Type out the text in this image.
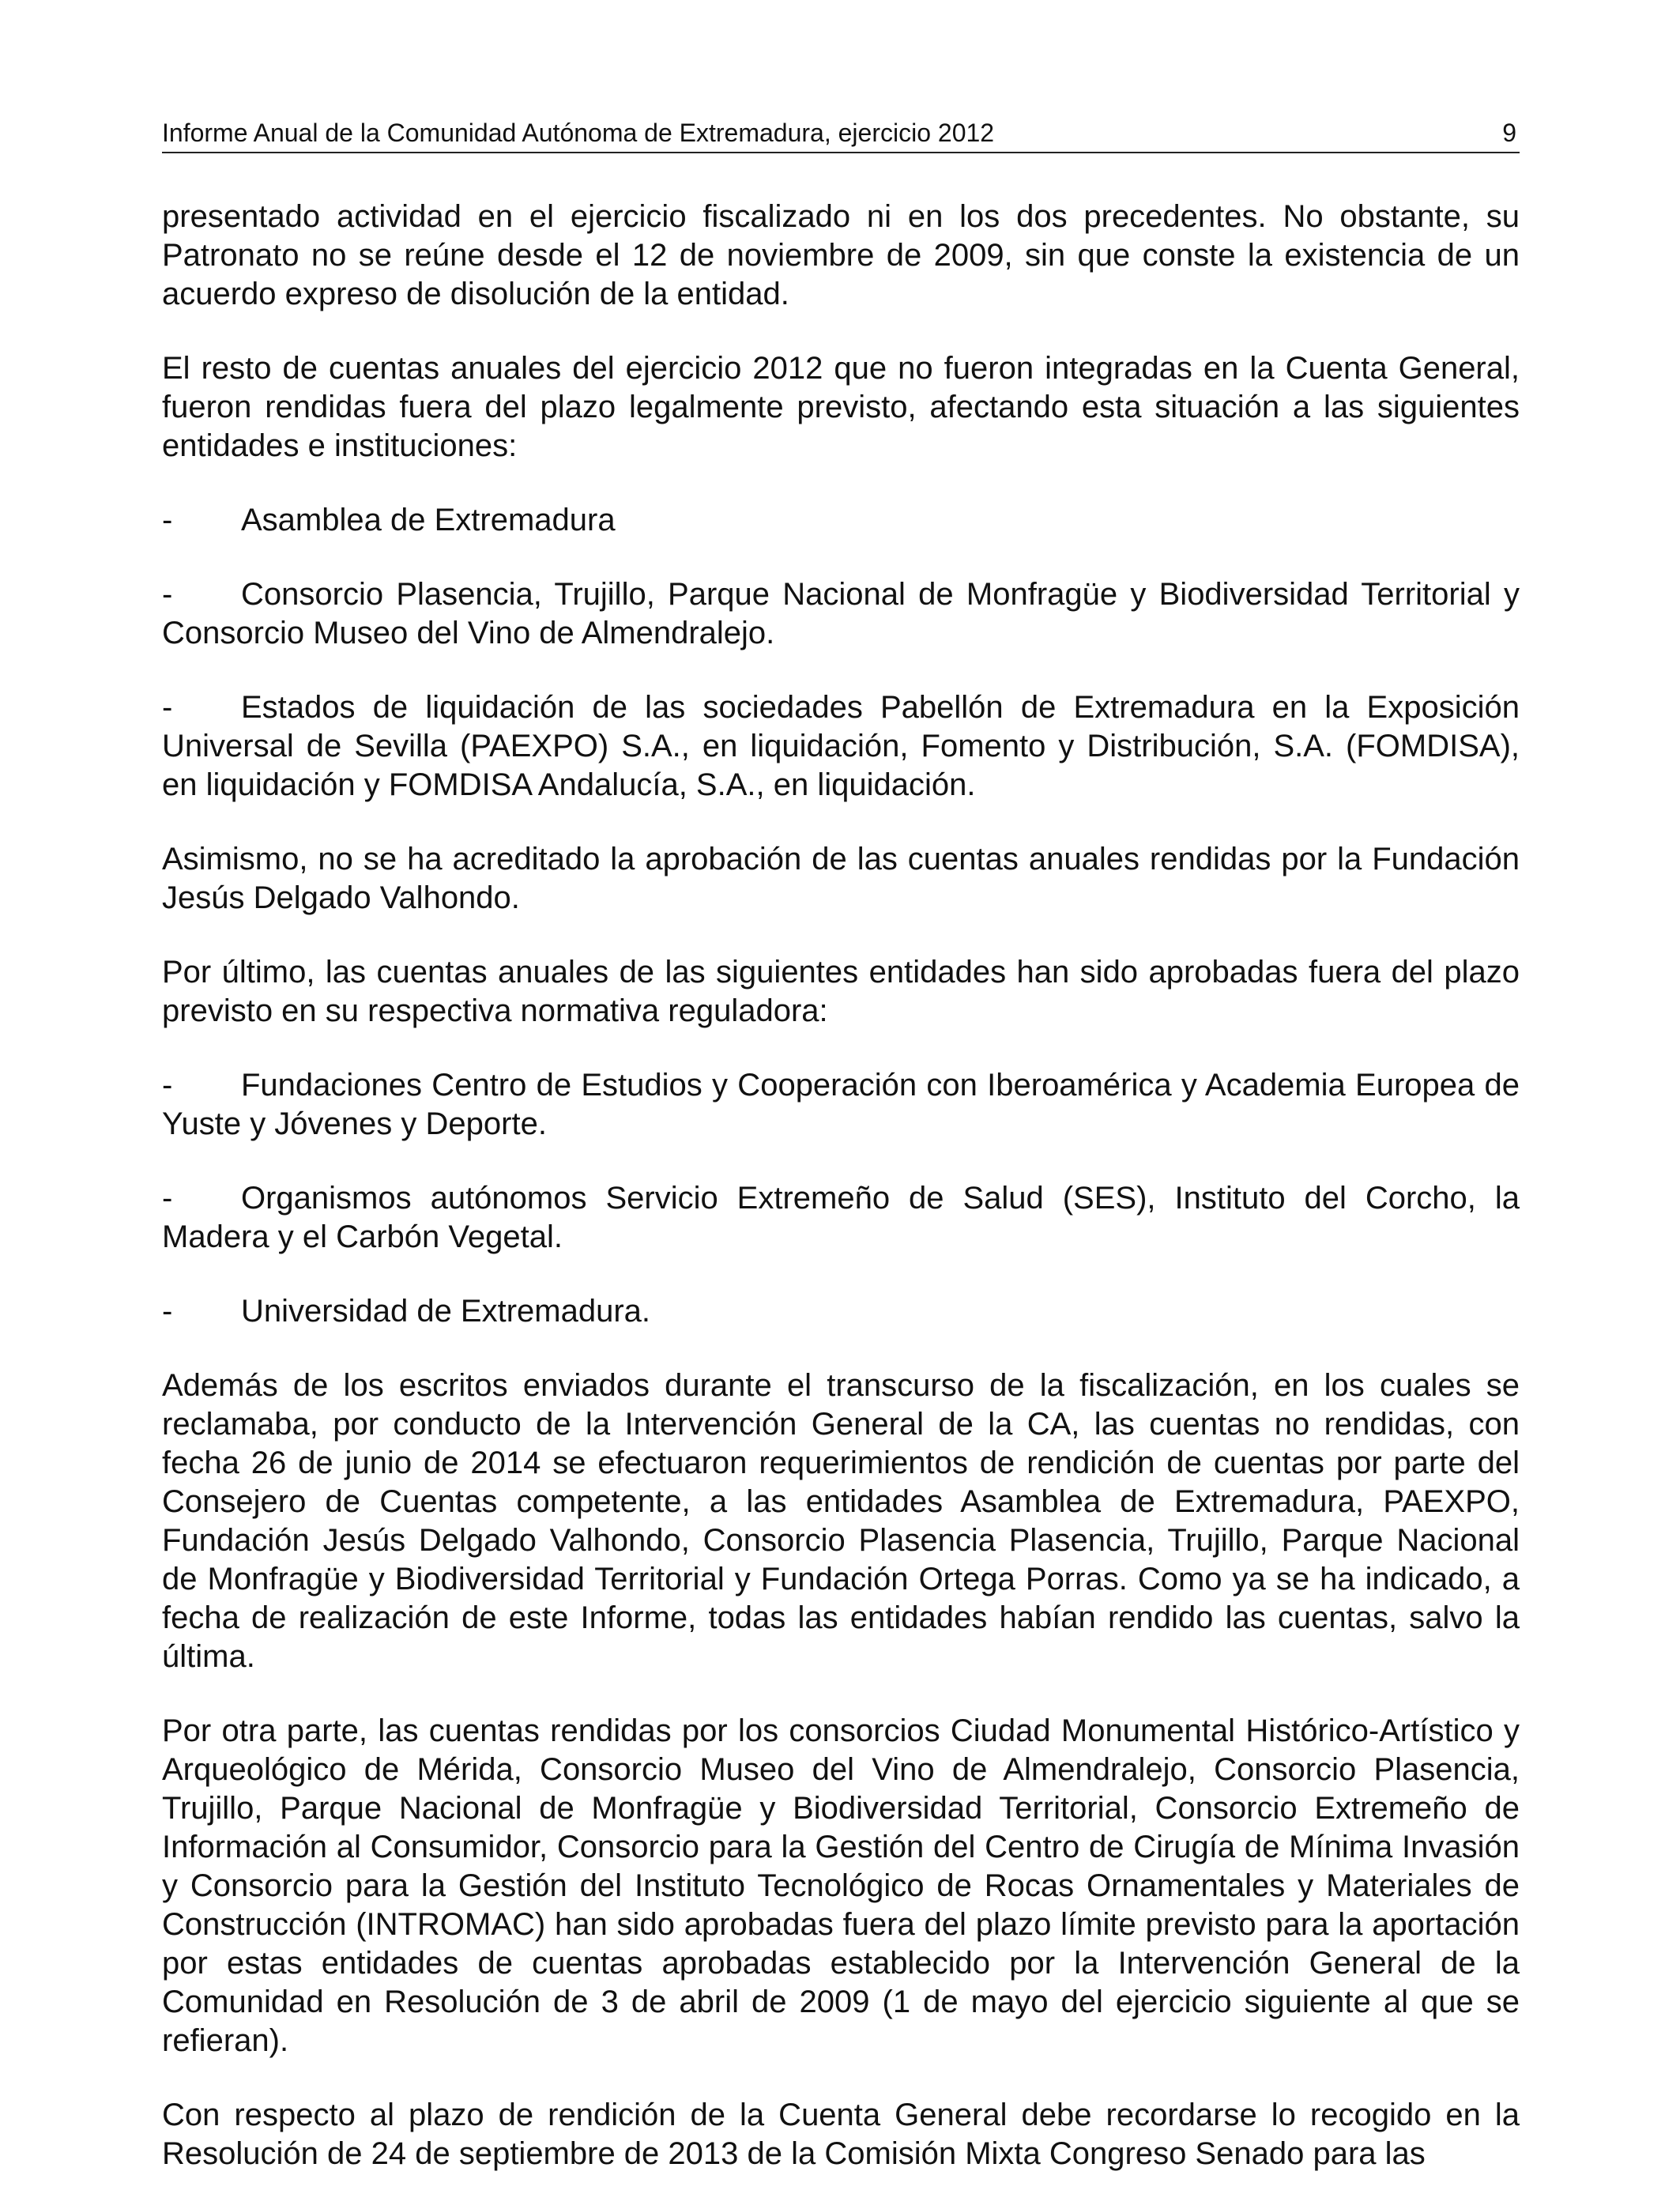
Informe Anual de la Comunidad Autónoma de Extremadura, ejercicio 2012	9

presentado actividad en el ejercicio fiscalizado ni en los dos precedentes. No obstante, su Patronato no se reúne desde el 12 de noviembre de 2009, sin que conste la existencia de un acuerdo expreso de disolución de la entidad.

El resto de cuentas anuales del ejercicio 2012 que no fueron integradas en la Cuenta General, fueron rendidas fuera del plazo legalmente previsto, afectando esta situación a las siguientes entidades e instituciones:

- Asamblea de Extremadura
- Consorcio Plasencia, Trujillo, Parque Nacional de Monfragüe y Biodiversidad Territorial y Consorcio Museo del Vino de Almendralejo.
- Estados de liquidación de las sociedades Pabellón de Extremadura en la Exposición Universal de Sevilla (PAEXPO) S.A., en liquidación, Fomento y Distribución, S.A. (FOMDISA), en liquidación y FOMDISA Andalucía, S.A., en liquidación.

Asimismo, no se ha acreditado la aprobación de las cuentas anuales rendidas por la Fundación Jesús Delgado Valhondo.

Por último, las cuentas anuales de las siguientes entidades han sido aprobadas fuera del plazo previsto en su respectiva normativa reguladora:

- Fundaciones Centro de Estudios y Cooperación con Iberoamérica y Academia Europea de Yuste y Jóvenes y Deporte.
- Organismos autónomos Servicio Extremeño de Salud (SES), Instituto del Corcho, la Madera y el Carbón Vegetal.
- Universidad de Extremadura.

Además de los escritos enviados durante el transcurso de la fiscalización, en los cuales se reclamaba, por conducto de la Intervención General de la CA, las cuentas no rendidas, con fecha 26 de junio de 2014 se efectuaron requerimientos de rendición de cuentas por parte del Consejero de Cuentas competente, a las entidades Asamblea de Extremadura, PAEXPO, Fundación Jesús Delgado Valhondo, Consorcio Plasencia Plasencia, Trujillo, Parque Nacional de Monfragüe y Biodiversidad Territorial y Fundación Ortega Porras. Como ya se ha indicado, a fecha de realización de este Informe, todas las entidades habían rendido las cuentas, salvo la última.

Por otra parte, las cuentas rendidas por los consorcios Ciudad Monumental Histórico-Artístico y Arqueológico de Mérida, Consorcio Museo del Vino de Almendralejo, Consorcio Plasencia, Trujillo, Parque Nacional de Monfragüe y Biodiversidad Territorial, Consorcio Extremeño de Información al Consumidor, Consorcio para la Gestión del Centro de Cirugía de Mínima Invasión y Consorcio para la Gestión del Instituto Tecnológico de Rocas Ornamentales y Materiales de Construcción (INTROMAC) han sido aprobadas fuera del plazo límite previsto para la aportación por estas entidades de cuentas aprobadas establecido por la Intervención General de la Comunidad en Resolución de 3 de abril de 2009 (1 de mayo del ejercicio siguiente al que se refieran).

Con respecto al plazo de rendición de la Cuenta General debe recordarse lo recogido en la Resolución de 24 de septiembre de 2013 de la Comisión Mixta Congreso Senado para las
